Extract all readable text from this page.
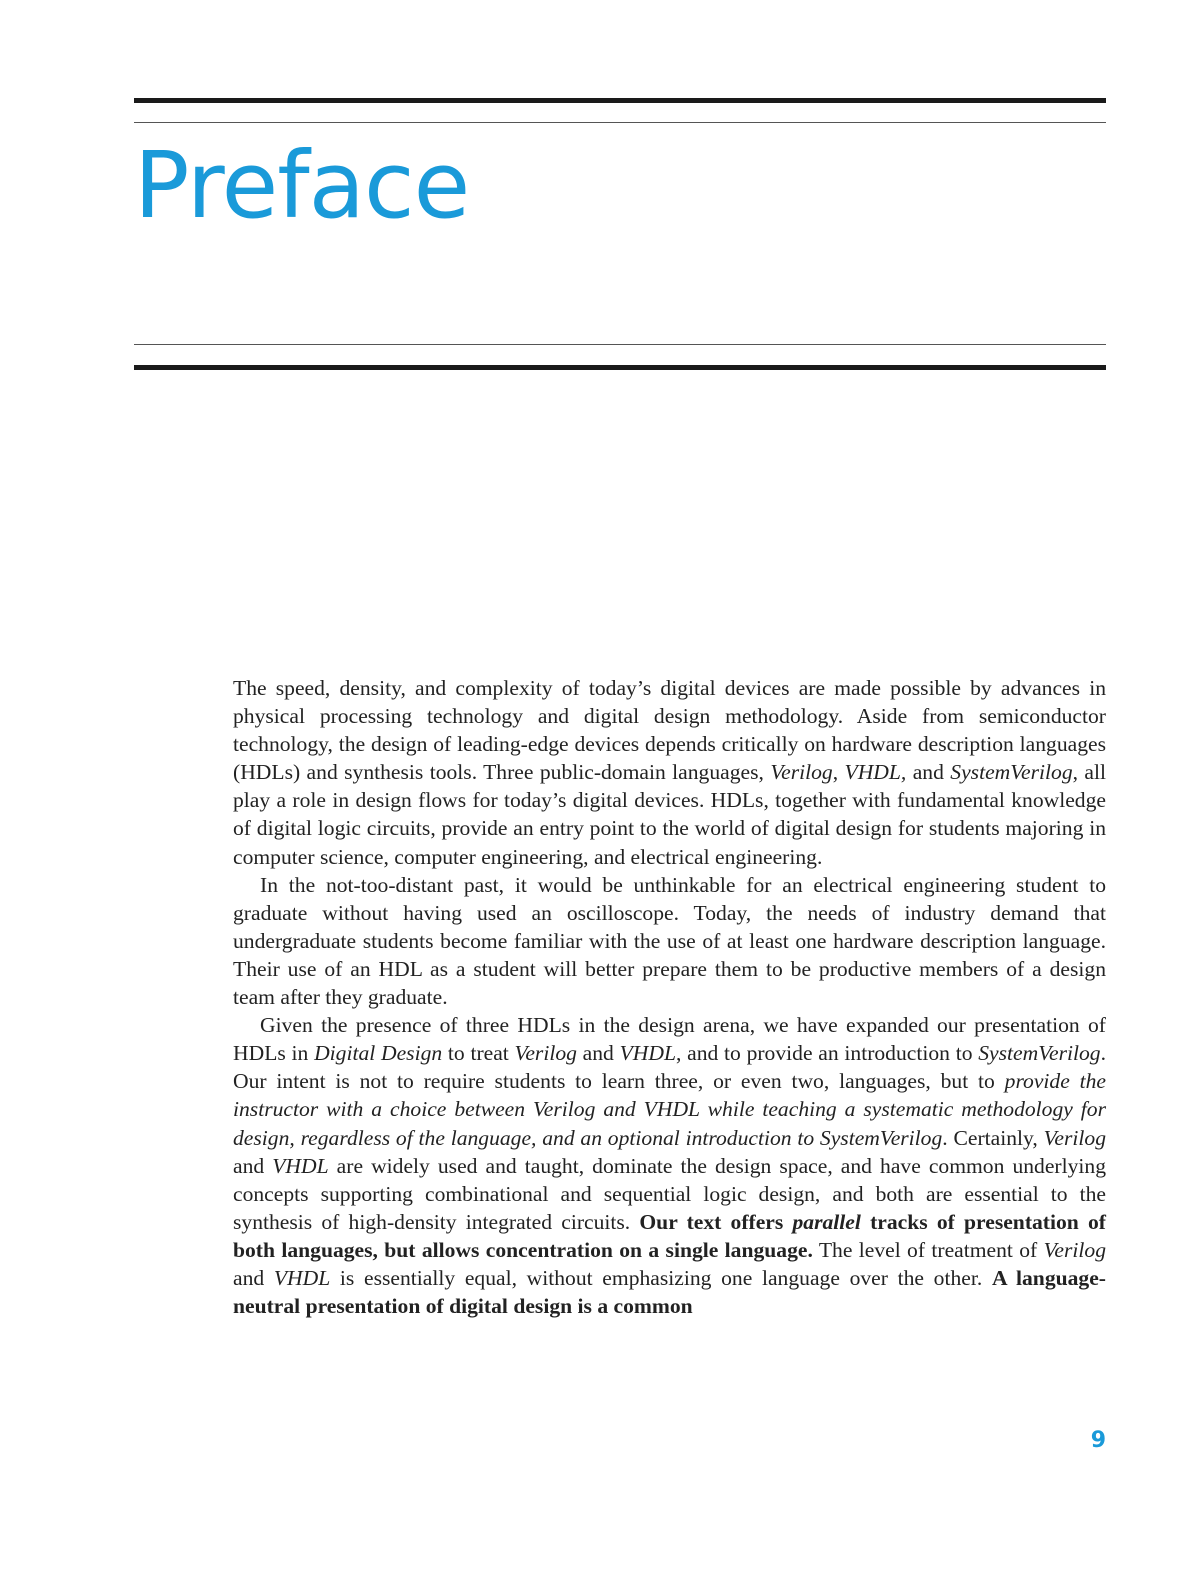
Preface

The speed, density, and complexity of today’s digital devices are made possible by advances in physical processing technology and digital design methodology. Aside from semiconductor technology, the design of leading-edge devices depends critically on hardware description languages (HDLs) and synthesis tools. Three public-domain languages, Verilog, VHDL, and SystemVerilog, all play a role in design flows for today’s digital devices. HDLs, together with fundamental knowledge of digital logic circuits, provide an entry point to the world of digital design for students majoring in computer science, computer engineering, and electrical engineering.

In the not-too-distant past, it would be unthinkable for an electrical engineering student to graduate without having used an oscilloscope. Today, the needs of industry demand that undergraduate students become familiar with the use of at least one hardware description language. Their use of an HDL as a student will better prepare them to be productive members of a design team after they graduate.

Given the presence of three HDLs in the design arena, we have expanded our presentation of HDLs in Digital Design to treat Verilog and VHDL, and to provide an introduction to SystemVerilog. Our intent is not to require students to learn three, or even two, languages, but to provide the instructor with a choice between Verilog and VHDL while teaching a systematic methodology for design, regardless of the language, and an optional introduction to SystemVerilog. Certainly, Verilog and VHDL are widely used and taught, dominate the design space, and have common underlying concepts supporting combinational and sequential logic design, and both are essential to the synthesis of high-density integrated circuits. Our text offers parallel tracks of presentation of both languages, but allows concentration on a single language. The level of treatment of Verilog and VHDL is essentially equal, without emphasizing one language over the other. A language-neutral presentation of digital design is a common

9
